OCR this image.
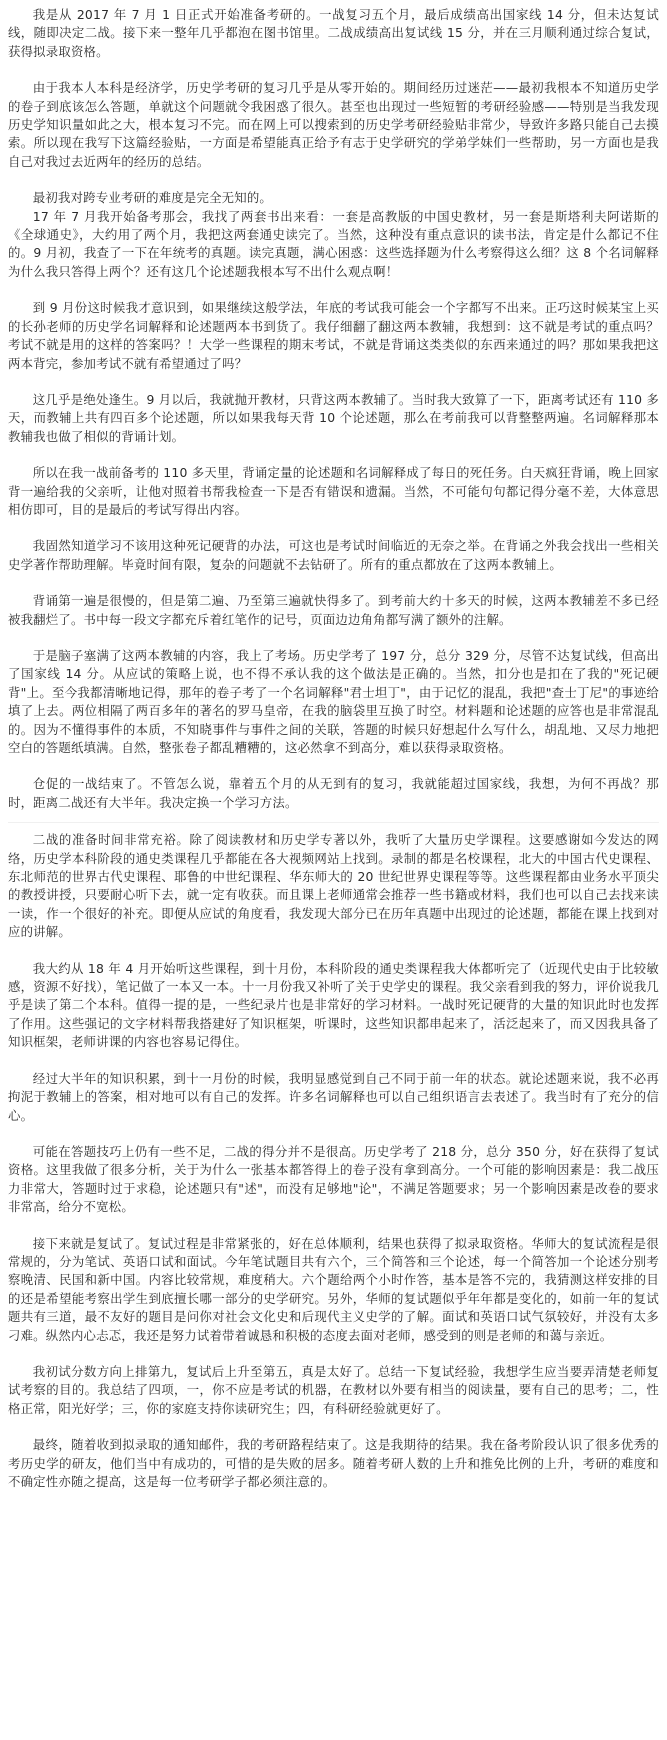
我是从 2017 年 7 月 1 日正式开始准备考研的。一战复习五个月，最后成绩高出国家线 14 分，但未达复试线，随即决定二战。接下来一整年几乎都泡在图书馆里。二战成绩高出复试线 15 分，并在三月顺利通过综合复试，获得拟录取资格。

由于我本人本科是经济学，历史学考研的复习几乎是从零开始的。期间经历过迷茫——最初我根本不知道历史学的卷子到底该怎么答题，单就这个问题就令我困惑了很久。甚至也出现过一些短暂的考研经验感——特别是当我发现历史学知识量如此之大，根本复习不完。而在网上可以搜索到的历史学考研经验贴非常少，导致许多路只能自己去摸索。所以现在我写下这篇经验贴，一方面是希望能真正给予有志于史学研究的学弟学妹们一些帮助，另一方面也是我自己对我过去近两年的经历的总结。

最初我对跨专业考研的难度是完全无知的。

17 年 7 月我开始备考那会，我找了两套书出来看：一套是高教版的中国史教材，另一套是斯塔利夫阿诺斯的《全球通史》，大约用了两个月，我把这两套通史读完了。当然，这种没有重点意识的读书法，肯定是什么都记不住的。9 月初，我查了一下在年统考的真题。读完真题，满心困惑：这些选择题为什么考察得这么细？这 8 个名词解释为什么我只答得上两个？还有这几个论述题我根本写不出什么观点啊！

到 9 月份这时候我才意识到，如果继续这般学法，年底的考试我可能会一个字都写不出来。正巧这时候某宝上买的长孙老师的历史学名词解释和论述题两本书到货了。我仔细翻了翻这两本教辅，我想到：这不就是考试的重点吗？考试不就是用的这样的答案吗？！大学一些课程的期末考试，不就是背诵这类类似的东西来通过的吗？那如果我把这两本背完，参加考试不就有希望通过了吗？

这几乎是绝处逢生。9 月以后，我就抛开教材，只背这两本教辅了。当时我大致算了一下，距离考试还有 110 多天，而教辅上共有四百多个论述题，所以如果我每天背 10 个论述题，那么在考前我可以背整整两遍。名词解释那本教辅我也做了相似的背诵计划。

所以在我一战前备考的 110 多天里，背诵定量的论述题和名词解释成了每日的死任务。白天疯狂背诵，晚上回家背一遍给我的父亲听，让他对照着书帮我检查一下是否有错误和遗漏。当然，不可能句句都记得分毫不差，大体意思相仿即可，目的是最后的考试写得出内容。

我固然知道学习不该用这种死记硬背的办法，可这也是考试时间临近的无奈之举。在背诵之外我会找出一些相关史学著作帮助理解。毕竟时间有限，复杂的问题就不去钻研了。所有的重点都放在了这两本教辅上。

背诵第一遍是很慢的，但是第二遍、乃至第三遍就快得多了。到考前大约十多天的时候，这两本教辅差不多已经被我翻烂了。书中每一段文字都充斥着红笔作的记号，页面边边角角都写满了额外的注解。

于是脑子塞满了这两本教辅的内容，我上了考场。历史学考了 197 分，总分 329 分，尽管不达复试线，但高出了国家线 14 分。从应试的策略上说，也不得不承认我的这个做法是正确的。当然，扣分也是扣在了我的"死记硬背"上。至今我都清晰地记得，那年的卷子考了一个名词解释"君士坦丁"，由于记忆的混乱，我把"查士丁尼"的事迹给填了上去。两位相隔了两百多年的著名的罗马皇帝，在我的脑袋里互换了时空。材料题和论述题的应答也是非常混乱的。因为不懂得事件的本质，不知晓事件与事件之间的关联，答题的时候只好想起什么写什么，胡乱地、又尽力地把空白的答题纸填满。自然，整张卷子都乱糟糟的，这必然拿不到高分，难以获得录取资格。

仓促的一战结束了。不管怎么说，靠着五个月的从无到有的复习，我就能超过国家线，我想，为何不再战？那时，距离二战还有大半年。我决定换一个学习方法。

二战的准备时间非常充裕。除了阅读教材和历史学专著以外，我听了大量历史学课程。这要感谢如今发达的网络，历史学本科阶段的通史类课程几乎都能在各大视频网站上找到。录制的都是名校课程，北大的中国古代史课程、东北师范的世界古代史课程、耶鲁的中世纪课程、华东师大的 20 世纪世界史课程等等。这些课程都由业务水平顶尖的教授讲授，只要耐心听下去，就一定有收获。而且课上老师通常会推荐一些书籍或材料，我们也可以自己去找来读一读，作一个很好的补充。即便从应试的角度看，我发现大部分已在历年真题中出现过的论述题，都能在课上找到对应的讲解。

我大约从 18 年 4 月开始听这些课程，到十月份，本科阶段的通史类课程我大体都听完了（近现代史由于比较敏感，资源不好找），笔记做了一本又一本。十一月份我又补听了关于史学史的课程。我父亲看到我的努力，评价说我几乎是读了第二个本科。值得一提的是，一些纪录片也是非常好的学习材料。一战时死记硬背的大量的知识此时也发挥了作用。这些强记的文字材料帮我搭建好了知识框架，听课时，这些知识都串起来了，活泛起来了，而又因我具备了知识框架，老师讲课的内容也容易记得住。

经过大半年的知识积累，到十一月份的时候，我明显感觉到自己不同于前一年的状态。就论述题来说，我不必再拘泥于教辅上的答案，相对地可以有自己的发挥。许多名词解释也可以自己组织语言去表述了。我当时有了充分的信心。

可能在答题技巧上仍有一些不足，二战的得分并不是很高。历史学考了 218 分，总分 350 分，好在获得了复试资格。这里我做了很多分析，关于为什么一张基本都答得上的卷子没有拿到高分。一个可能的影响因素是：我二战压力非常大，答题时过于求稳，论述题只有"述"，而没有足够地"论"，不满足答题要求；另一个影响因素是改卷的要求非常高，给分不宽松。

接下来就是复试了。复试过程是非常紧张的，好在总体顺利，结果也获得了拟录取资格。华师大的复试流程是很常规的，分为笔试、英语口试和面试。今年笔试题目共有六个，三个简答和三个论述，每一个简答加一个论述分别考察晚清、民国和新中国。内容比较常规，难度稍大。六个题给两个小时作答，基本是答不完的，我猜测这样安排的目的还是希望能考察出学生到底擅长哪一部分的史学研究。另外，华师的复试题似乎年年都是变化的，如前一年的复试题共有三道，最不友好的题目是问你对社会文化史和后现代主义史学的了解。面试和英语口试气氛较好，并没有太多刁难。纵然内心忐忑，我还是努力试着带着诚恳和积极的态度去面对老师，感受到的则是老师的和蔼与亲近。

我初试分数方向上排第九，复试后上升至第五，真是太好了。总结一下复试经验，我想学生应当要弄清楚老师复试考察的目的。我总结了四项，一，你不应是考试的机器，在教材以外要有相当的阅读量，要有自己的思考；二，性格正常，阳光好学；三，你的家庭支持你读研究生；四，有科研经验就更好了。

最终，随着收到拟录取的通知邮件，我的考研路程结束了。这是我期待的结果。我在备考阶段认识了很多优秀的考历史学的研友，他们当中有成功的，可惜的是失败的居多。随着考研人数的上升和推免比例的上升，考研的难度和不确定性亦随之提高，这是每一位考研学子都必须注意的。
